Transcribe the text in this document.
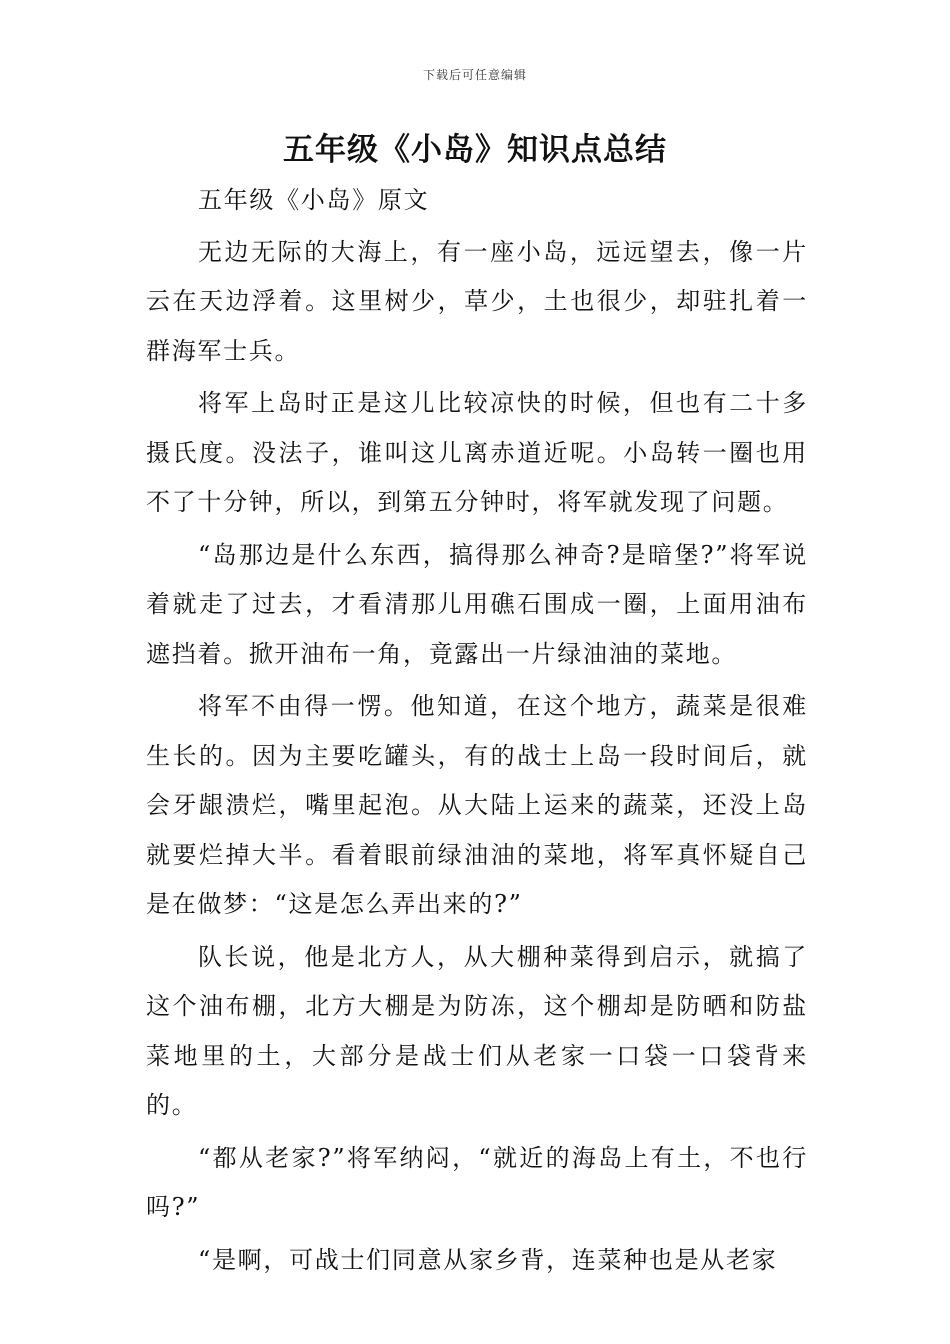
下载后可任意编辑
五年级《小岛》知识点总结

五年级《小岛》原文

无边无际的大海上，有一座小岛，远远望去，像一片云在天边浮着。这里树少，草少，土也很少，却驻扎着一群海军士兵。

将军上岛时正是这儿比较凉快的时候，但也有二十多摄氏度。没法子，谁叫这儿离赤道近呢。小岛转一圈也用不了十分钟，所以，到第五分钟时，将军就发现了问题。

“岛那边是什么东西，搞得那么神奇?是暗堡?”将军说着就走了过去，才看清那儿用礁石围成一圈，上面用油布遮挡着。掀开油布一角，竟露出一片绿油油的菜地。

将军不由得一愣。他知道，在这个地方，蔬菜是很难生长的。因为主要吃罐头，有的战士上岛一段时间后，就会牙龈溃烂，嘴里起泡。从大陆上运来的蔬菜，还没上岛就要烂掉大半。看着眼前绿油油的菜地，将军真怀疑自己是在做梦：“这是怎么弄出来的?”

队长说，他是北方人，从大棚种菜得到启示，就搞了这个油布棚，北方大棚是为防冻，这个棚却是防晒和防盐菜地里的土，大部分是战士们从老家一口袋一口袋背来的。

“都从老家?”将军纳闷，“就近的海岛上有土，不也行吗?”

“是啊，可战士们同意从家乡背，连菜种也是从老家
